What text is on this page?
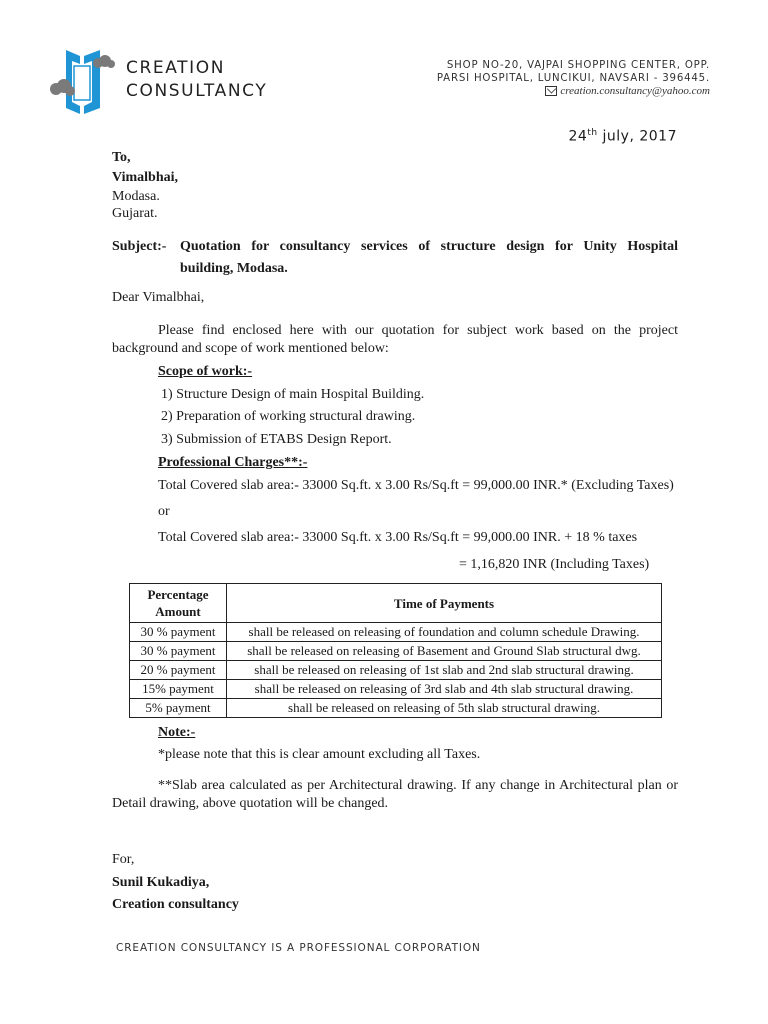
CREATION
CONSULTANCY
SHOP NO-20, VAJPAI SHOPPING CENTER, OPP.
PARSI HOSPITAL, LUNCIKUI, NAVSARI - 396445.
creation.consultancy@yahoo.com
24th july, 2017
To,
Vimalbhai,
Modasa.
Gujarat.
Subject:- Quotation for consultancy services of structure design for Unity Hospital
building, Modasa.
Dear Vimalbhai,
Please find enclosed here with our quotation for subject work based on the project
background and scope of work mentioned below:
Scope of work:-
1) Structure Design of main Hospital Building.
2) Preparation of working structural drawing.
3) Submission of ETABS Design Report.
Professional Charges**:-
Total Covered slab area:- 33000 Sq.ft. x 3.00 Rs/Sq.ft = 99,000.00 INR.* (Excluding Taxes)
or
Total Covered slab area:- 33000 Sq.ft. x 3.00 Rs/Sq.ft = 99,000.00 INR. + 18 % taxes
= 1,16,820 INR (Including Taxes)
Percentage
Amount	Time of Payments
30 % payment	shall be released on releasing of foundation and column schedule Drawing.
30 % payment	shall be released on releasing of Basement and Ground Slab structural dwg.
20 % payment	shall be released on releasing of 1st slab and 2nd slab structural drawing.
15% payment	shall be released on releasing of 3rd slab and 4th slab structural drawing.
5% payment	shall be released on releasing of 5th slab structural drawing.
Note:-
*please note that this is clear amount excluding all Taxes.
**Slab area calculated as per Architectural drawing. If any change in Architectural plan or
Detail drawing, above quotation will be changed.
For,
Sunil Kukadiya,
Creation consultancy
CREATION CONSULTANCY IS A PROFESSIONAL CORPORATION
